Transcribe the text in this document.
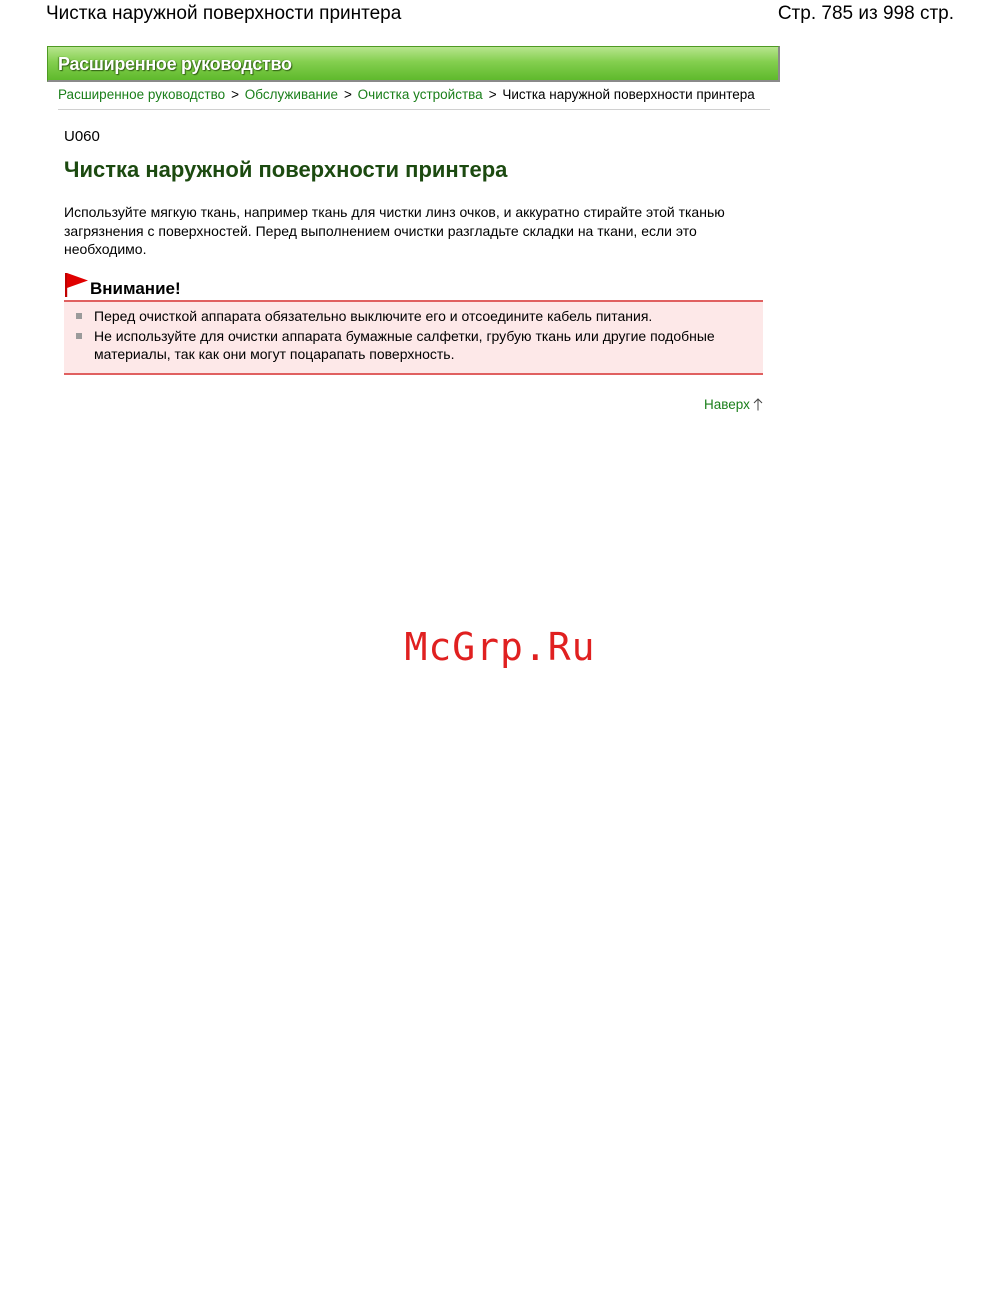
Чистка наружной поверхности принтера	Стр. 785 из 998 стр.
Расширенное руководство
Расширенное руководство > Обслуживание > Очистка устройства > Чистка наружной поверхности принтера
U060
Чистка наружной поверхности принтера

Используйте мягкую ткань, например ткань для чистки линз очков, и аккуратно стирайте этой тканью загрязнения с поверхностей. Перед выполнением очистки разгладьте складки на ткани, если это необходимо.

Внимание!
Перед очисткой аппарата обязательно выключите его и отсоедините кабель питания.
Не используйте для очистки аппарата бумажные салфетки, грубую ткань или другие подобные материалы, так как они могут поцарапать поверхность.
Наверх
McGrp.Ru
